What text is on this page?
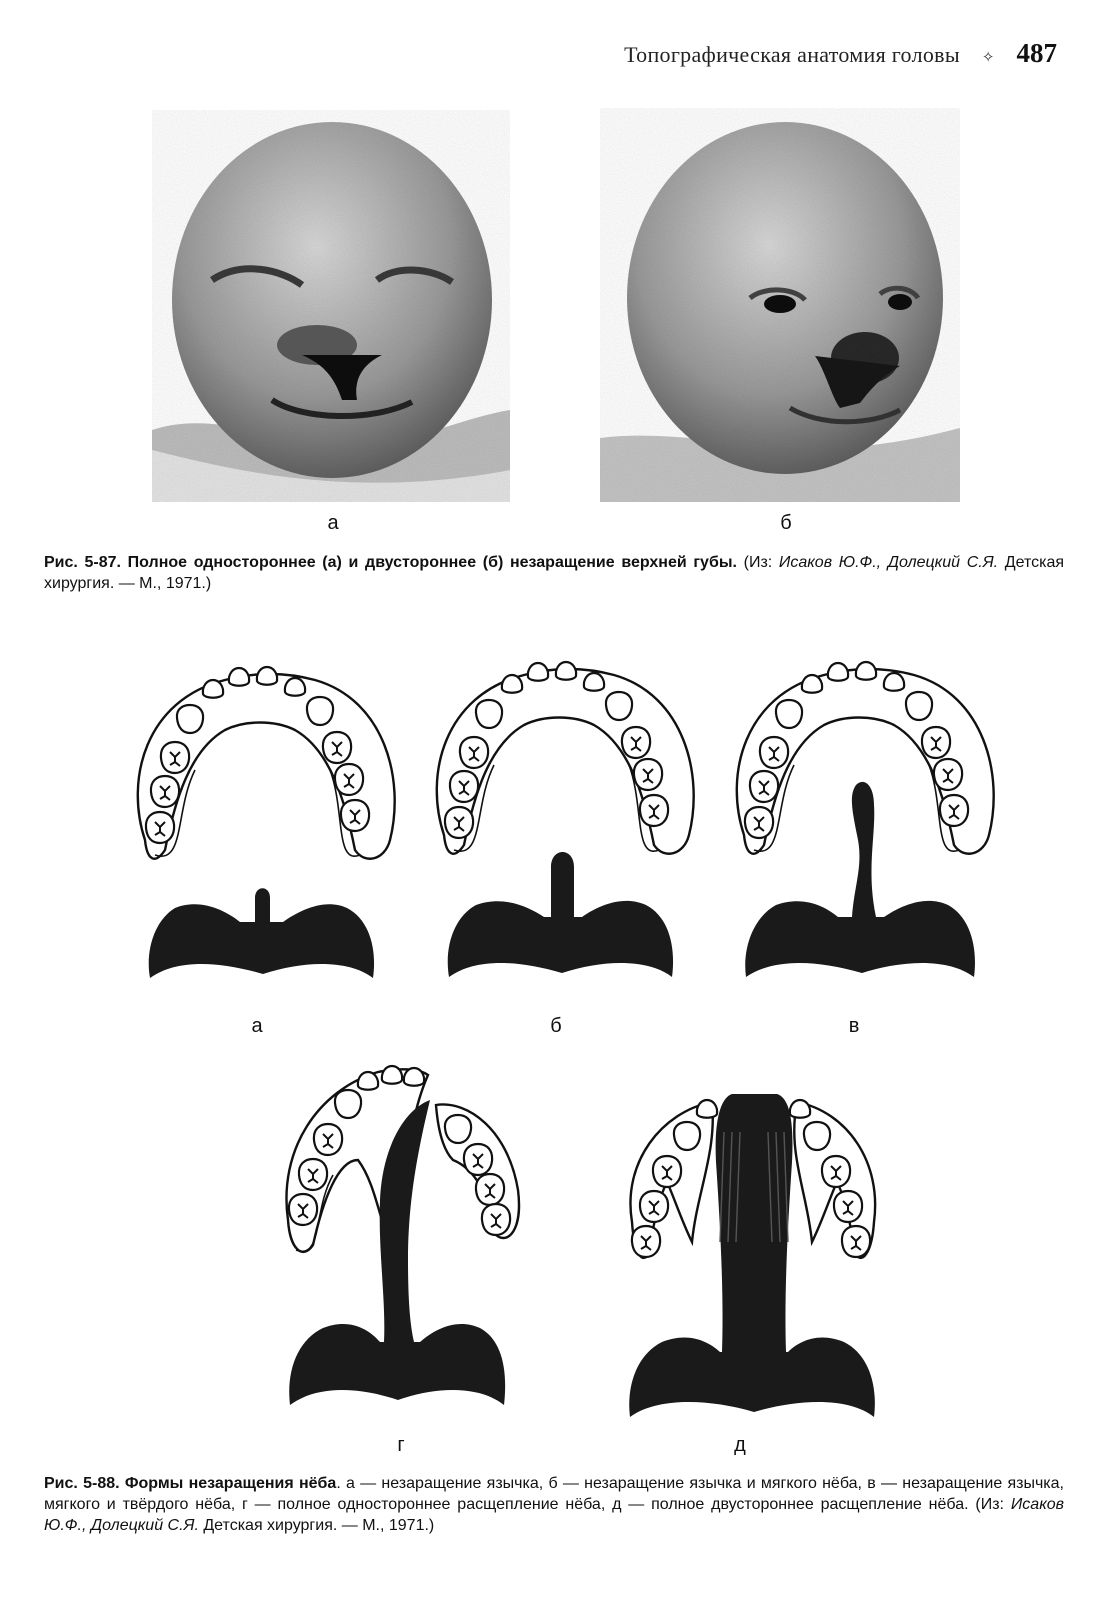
Топографическая анатомия головы ✧ 487
а	б
Рис. 5-87. Полное одностороннее (а) и двустороннее (б) незаращение верхней губы. (Из: Исаков Ю.Ф., Долецкий С.Я. Детская хирургия. — М., 1971.)
а	б	в
г	д
Рис. 5-88. Формы незаращения нёба. а — незаращение язычка, б — незаращение язычка и мягкого нёба, в — незаращение язычка, мягкого и твёрдого нёба, г — полное одностороннее расщепление нёба, д — полное двустороннее расщепление нёба. (Из: Исаков Ю.Ф., Долецкий С.Я. Детская хирургия. — М., 1971.)
